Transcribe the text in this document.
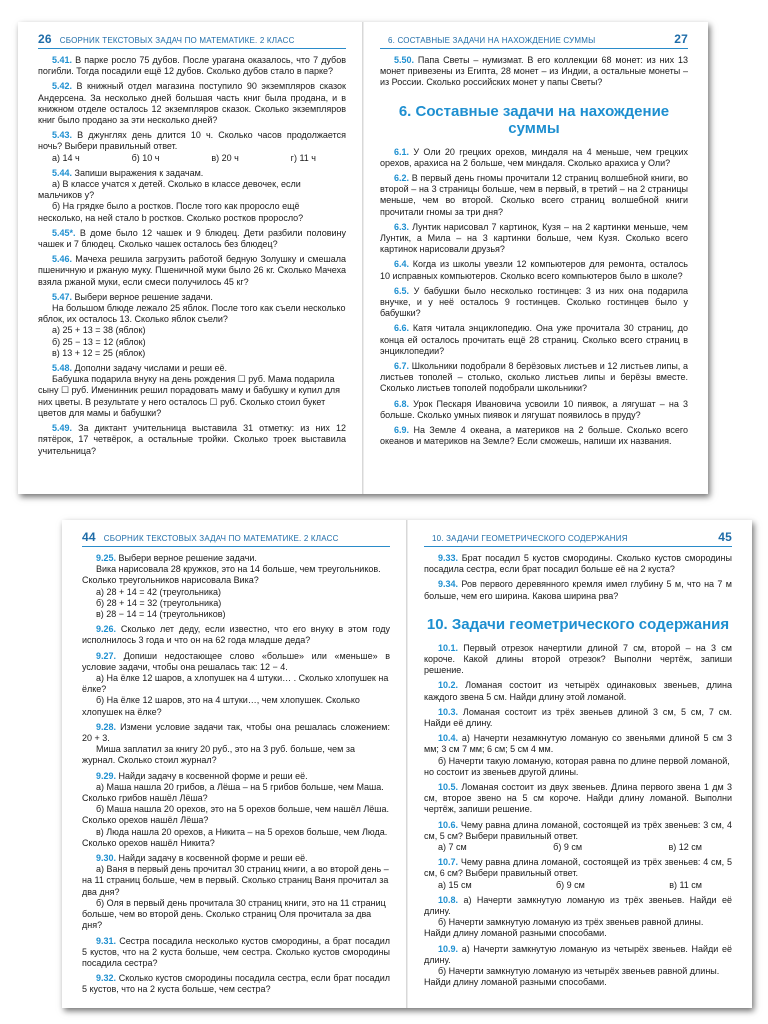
26	СБОРНИК ТЕКСТОВЫХ ЗАДАЧ ПО МАТЕМАТИКЕ. 2 КЛАСС

5.41. В парке росло 75 дубов. После урагана оказалось, что 7 дубов погибли. Тогда посадили ещё 12 дубов. Сколько дубов стало в парке?

5.42. В книжный отдел магазина поступило 90 экземпляров сказок Андерсена. За несколько дней большая часть книг была продана, и в книжном отделе осталось 12 экземпляров сказок. Сколько экземпляров книг было продано за эти несколько дней?

5.43. В джунглях день длится 10 ч. Сколько часов продолжается ночь? Выбери правильный ответ.

а) 14 ч	б) 10 ч	в) 20 ч	г) 11 ч

5.44. Запиши выражения к задачам.

а) В классе учатся x детей. Сколько в классе девочек, если мальчиков y?

б) На грядке было a ростков. После того как проросло ещё несколько, на ней стало b ростков. Сколько ростков проросло?

5.45*. В доме было 12 чашек и 9 блюдец. Дети разбили половину чашек и 7 блюдец. Сколько чашек осталось без блюдец?

5.46. Мачеха решила загрузить работой бедную Золушку и смешала пшеничную и ржаную муку. Пшеничной муки было 26 кг. Сколько Мачеха взяла ржаной муки, если смеси получилось 45 кг?

5.47. Выбери верное решение задачи.

На большом блюде лежало 25 яблок. После того как съели несколько яблок, их осталось 13. Сколько яблок съели?

а) 25 + 13 = 38 (яблок)

б) 25 − 13 = 12 (яблок)

в) 13 + 12 = 25 (яблок)

5.48. Дополни задачу числами и реши её.

Бабушка подарила внуку на день рождения ☐ руб. Мама подарила сыну ☐ руб. Именинник решил порадовать маму и бабушку и купил для них цветы. В результате у него осталось ☐ руб. Сколько стоил букет цветов для мамы и бабушки?

5.49. За диктант учительница выставила 31 отметку: из них 12 пятёрок, 17 четвёрок, а остальные тройки. Сколько троек выставила учительница?

6. СОСТАВНЫЕ ЗАДАЧИ НА НАХОЖДЕНИЕ СУММЫ	27

5.50. Папа Светы – нумизмат. В его коллекции 68 монет: из них 13 монет привезены из Египта, 28 монет – из Индии, а остальные монеты – из России. Сколько российских монет у папы Светы?

6. Составные задачи на нахождение суммы

6.1. У Оли 20 грецких орехов, миндаля на 4 меньше, чем грецких орехов, арахиса на 2 больше, чем миндаля. Сколько арахиса у Оли?

6.2. В первый день гномы прочитали 12 страниц волшебной книги, во второй – на 3 страницы больше, чем в первый, в третий – на 2 страницы меньше, чем во второй. Сколько всего страниц волшебной книги прочитали гномы за три дня?

6.3. Лунтик нарисовал 7 картинок, Кузя – на 2 картинки меньше, чем Лунтик, а Мила – на 3 картинки больше, чем Кузя. Сколько всего картинок нарисовали друзья?

6.4. Когда из школы увезли 12 компьютеров для ремонта, осталось 10 исправных компьютеров. Сколько всего компьютеров было в школе?

6.5. У бабушки было несколько гостинцев: 3 из них она подарила внучке, и у неё осталось 9 гостинцев. Сколько гостинцев было у бабушки?

6.6. Катя читала энциклопедию. Она уже прочитала 30 страниц, до конца ей осталось прочитать ещё 28 страниц. Сколько всего страниц в энциклопедии?

6.7. Школьники подобрали 8 берёзовых листьев и 12 листьев липы, а листьев тополей – столько, сколько листьев липы и берёзы вместе. Сколько листьев тополей подобрали школьники?

6.8. Урок Пескаря Ивановича усвоили 10 пиявок, а лягушат – на 3 больше. Сколько умных пиявок и лягушат появилось в пруду?

6.9. На Земле 4 океана, а материков на 2 больше. Сколько всего океанов и материков на Земле? Если сможешь, напиши их названия.

44	СБОРНИК ТЕКСТОВЫХ ЗАДАЧ ПО МАТЕМАТИКЕ. 2 КЛАСС

9.25. Выбери верное решение задачи.

Вика нарисовала 28 кружков, это на 14 больше, чем треугольников. Сколько треугольников нарисовала Вика?

а) 28 + 14 = 42 (треугольника)

б) 28 + 14 = 32 (треугольника)

в) 28 − 14 = 14 (треугольников)

9.26. Сколько лет деду, если известно, что его внуку в этом году исполнилось 3 года и что он на 62 года младше деда?

9.27. Допиши недостающее слово «больше» или «меньше» в условие задачи, чтобы она решалась так: 12 − 4.

а) На ёлке 12 шаров, а хлопушек на 4 штуки… . Сколько хлопушек на ёлке?

б) На ёлке 12 шаров, это на 4 штуки…, чем хлопушек. Сколько хлопушек на ёлке?

9.28. Измени условие задачи так, чтобы она решалась сложением: 20 + 3.

Миша заплатил за книгу 20 руб., это на 3 руб. больше, чем за журнал. Сколько стоил журнал?

9.29. Найди задачу в косвенной форме и реши её.

а) Маша нашла 20 грибов, а Лёша – на 5 грибов больше, чем Маша. Сколько грибов нашёл Лёша?

б) Маша нашла 20 орехов, это на 5 орехов больше, чем нашёл Лёша. Сколько орехов нашёл Лёша?

в) Люда нашла 20 орехов, а Никита – на 5 орехов больше, чем Люда. Сколько орехов нашёл Никита?

9.30. Найди задачу в косвенной форме и реши её.

а) Ваня в первый день прочитал 30 страниц книги, а во второй день – на 11 страниц больше, чем в первый. Сколько страниц Ваня прочитал за два дня?

б) Оля в первый день прочитала 30 страниц книги, это на 11 страниц больше, чем во второй день. Сколько страниц Оля прочитала за два дня?

9.31. Сестра посадила несколько кустов смородины, а брат посадил 5 кустов, что на 2 куста больше, чем сестра. Сколько кустов смородины посадила сестра?

9.32. Сколько кустов смородины посадила сестра, если брат посадил 5 кустов, что на 2 куста больше, чем сестра?

10. ЗАДАЧИ ГЕОМЕТРИЧЕСКОГО СОДЕРЖАНИЯ	45

9.33. Брат посадил 5 кустов смородины. Сколько кустов смородины посадила сестра, если брат посадил больше её на 2 куста?

9.34. Ров первого деревянного кремля имел глубину 5 м, что на 7 м больше, чем его ширина. Какова ширина рва?

10. Задачи геометрического содержания

10.1. Первый отрезок начертили длиной 7 см, второй – на 3 см короче. Какой длины второй отрезок? Выполни чертёж, запиши решение.

10.2. Ломаная состоит из четырёх одинаковых звеньев, длина каждого звена 5 см. Найди длину этой ломаной.

10.3. Ломаная состоит из трёх звеньев длиной 3 см, 5 см, 7 см. Найди её длину.

10.4. а) Начерти незамкнутую ломаную со звеньями длиной 5 см 3 мм; 3 см 7 мм; 6 см; 5 см 4 мм.

б) Начерти такую ломаную, которая равна по длине первой ломаной, но состоит из звеньев другой длины.

10.5. Ломаная состоит из двух звеньев. Длина первого звена 1 дм 3 см, второе звено на 5 см короче. Найди длину ломаной. Выполни чертёж, запиши решение.

10.6. Чему равна длина ломаной, состоящей из трёх звеньев: 3 см, 4 см, 5 см? Выбери правильный ответ.

а) 7 см	б) 9 см	в) 12 см

10.7. Чему равна длина ломаной, состоящей из трёх звеньев: 4 см, 5 см, 6 см? Выбери правильный ответ.

а) 15 см	б) 9 см	в) 11 см

10.8. а) Начерти замкнутую ломаную из трёх звеньев. Найди её длину.

б) Начерти замкнутую ломаную из трёх звеньев равной длины. Найди длину ломаной разными способами.

10.9. а) Начерти замкнутую ломаную из четырёх звеньев. Найди её длину.

б) Начерти замкнутую ломаную из четырёх звеньев равной длины. Найди длину ломаной разными способами.
